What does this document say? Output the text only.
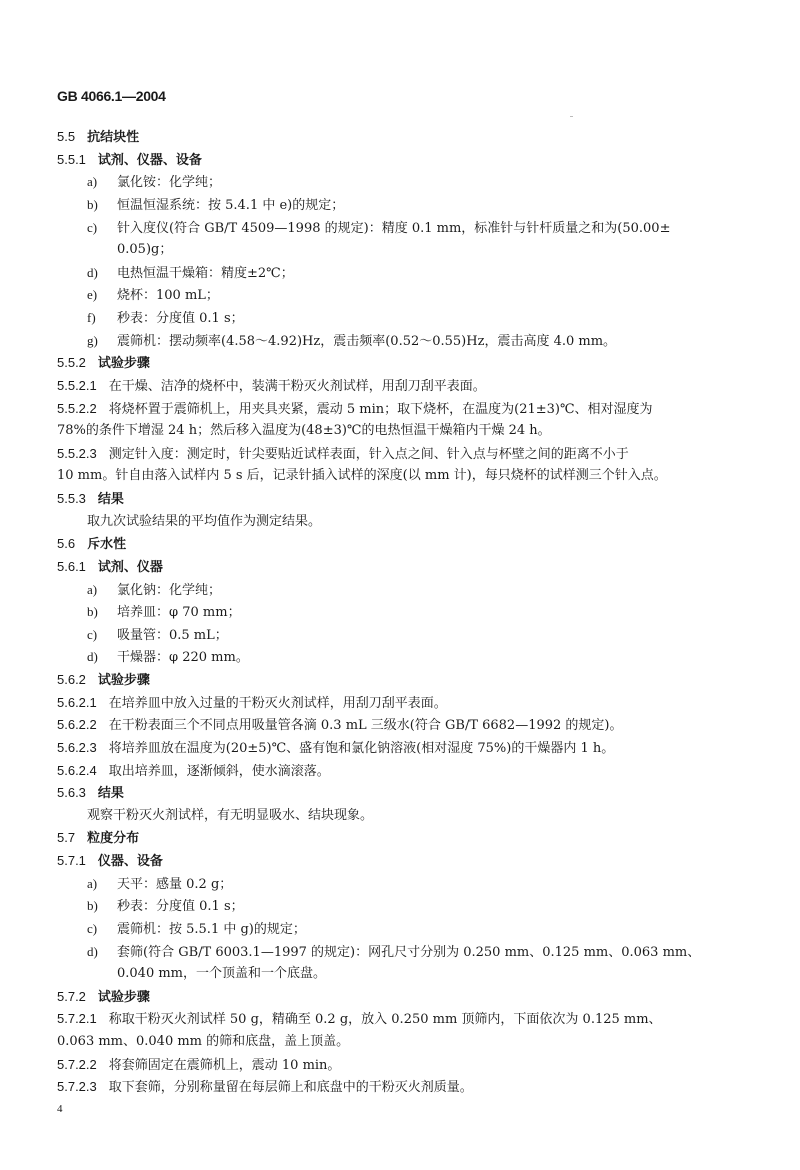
GB 4066.1—2004
5.5 抗结块性
5.5.1 试剂、仪器、设备
a) 氯化铵：化学纯；
b) 恒温恒湿系统：按 5.4.1 中 e)的规定；
c) 针入度仪(符合 GB/T 4509—1998 的规定)：精度 0.1 mm，标准针与针杆质量之和为(50.00±
0.05)g；
d) 电热恒温干燥箱：精度±2℃；
e) 烧杯：100 mL；
f) 秒表：分度值 0.1 s；
g) 震筛机：摆动频率(4.58～4.92)Hz，震击频率(0.52～0.55)Hz，震击高度 4.0 mm。
5.5.2 试验步骤
5.5.2.1 在干燥、洁净的烧杯中，装满干粉灭火剂试样，用刮刀刮平表面。
5.5.2.2 将烧杯置于震筛机上，用夹具夹紧，震动 5 min；取下烧杯，在温度为(21±3)℃、相对湿度为
78%的条件下增湿 24 h；然后移入温度为(48±3)℃的电热恒温干燥箱内干燥 24 h。
5.5.2.3 测定针入度：测定时，针尖要贴近试样表面，针入点之间、针入点与杯壁之间的距离不小于
10 mm。针自由落入试样内 5 s 后，记录针插入试样的深度(以 mm 计)，每只烧杯的试样测三个针入点。
5.5.3 结果
取九次试验结果的平均值作为测定结果。
5.6 斥水性
5.6.1 试剂、仪器
a) 氯化钠：化学纯；
b) 培养皿：φ 70 mm；
c) 吸量管：0.5 mL；
d) 干燥器：φ 220 mm。
5.6.2 试验步骤
5.6.2.1 在培养皿中放入过量的干粉灭火剂试样，用刮刀刮平表面。
5.6.2.2 在干粉表面三个不同点用吸量管各滴 0.3 mL 三级水(符合 GB/T 6682—1992 的规定)。
5.6.2.3 将培养皿放在温度为(20±5)℃、盛有饱和氯化钠溶液(相对湿度 75%)的干燥器内 1 h。
5.6.2.4 取出培养皿，逐渐倾斜，使水滴滚落。
5.6.3 结果
观察干粉灭火剂试样，有无明显吸水、结块现象。
5.7 粒度分布
5.7.1 仪器、设备
a) 天平：感量 0.2 g；
b) 秒表：分度值 0.1 s；
c) 震筛机：按 5.5.1 中 g)的规定；
d) 套筛(符合 GB/T 6003.1—1997 的规定)：网孔尺寸分别为 0.250 mm、0.125 mm、0.063 mm、
0.040 mm，一个顶盖和一个底盘。
5.7.2 试验步骤
5.7.2.1 称取干粉灭火剂试样 50 g，精确至 0.2 g，放入 0.250 mm 顶筛内，下面依次为 0.125 mm、
0.063 mm、0.040 mm 的筛和底盘，盖上顶盖。
5.7.2.2 将套筛固定在震筛机上，震动 10 min。
5.7.2.3 取下套筛，分别称量留在每层筛上和底盘中的干粉灭火剂质量。
4
